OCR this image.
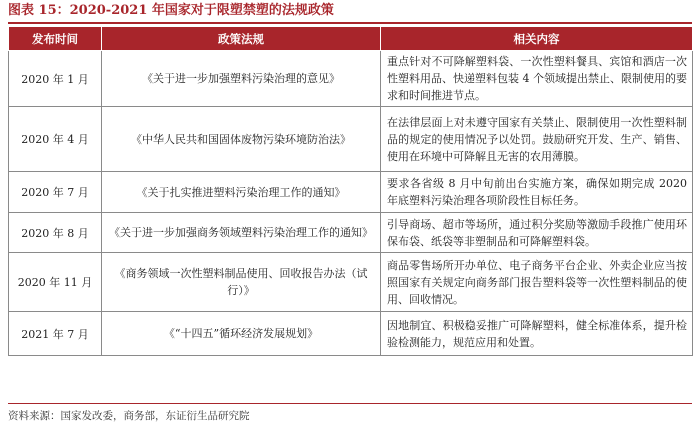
图表 15：2020-2021 年国家对于限塑禁塑的法规政策
发布时间	政策法规	相关内容
2020 年 1 月	《关于进一步加强塑料污染治理的意见》	重点针对不可降解塑料袋、一次性塑料餐具、宾馆和酒店一次性塑料用品、快递塑料包装 4 个领域提出禁止、限制使用的要求和时间推进节点。
2020 年 4 月	《中华人民共和国固体废物污染环境防治法》	在法律层面上对未遵守国家有关禁止、限制使用一次性塑料制品的规定的使用情况予以处罚。鼓励研究开发、生产、销售、使用在环境中可降解且无害的农用薄膜。
2020 年 7 月	《关于扎实推进塑料污染治理工作的通知》	要求各省级 8 月中旬前出台实施方案，确保如期完成 2020 年底塑料污染治理各项阶段性目标任务。
2020 年 8 月	《关于进一步加强商务领域塑料污染治理工作的通知》	引导商场、超市等场所，通过积分奖励等激励手段推广使用环保布袋、纸袋等非塑制品和可降解塑料袋。
2020 年 11 月	《商务领域一次性塑料制品使用、回收报告办法（试行）》	商品零售场所开办单位、电子商务平台企业、外卖企业应当按照国家有关规定向商务部门报告塑料袋等一次性塑料制品的使用、回收情况。
2021 年 7 月	《“十四五”循环经济发展规划》	因地制宜、积极稳妥推广可降解塑料，健全标准体系，提升检验检测能力，规范应用和处置。
资料来源：国家发改委，商务部，东证衍生品研究院
